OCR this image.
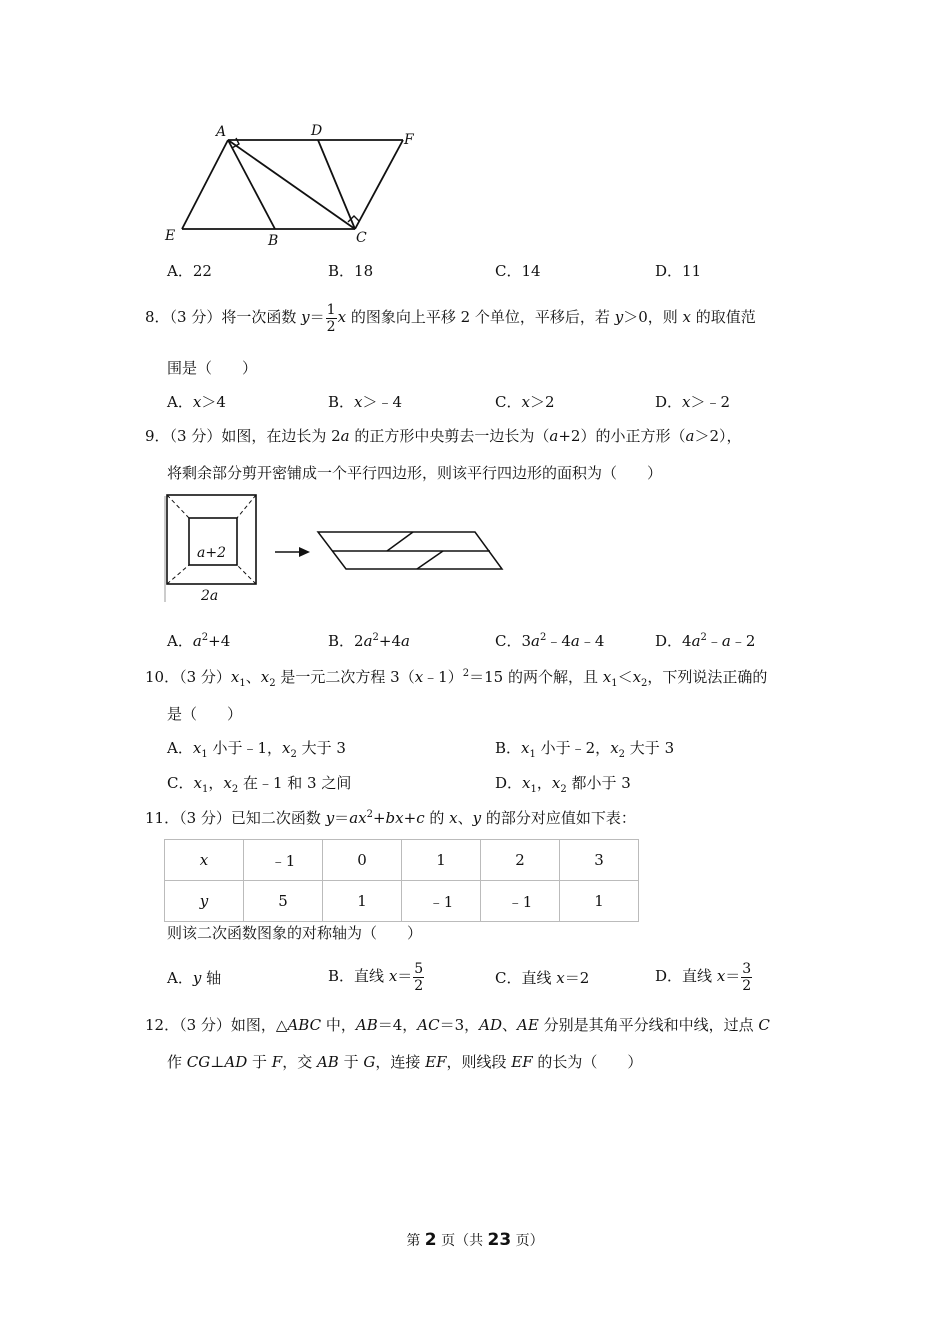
A	D
F
E	B	C
A．22	B．18	C．14	D．11
8．（3 分）将一次函数 $y= \frac{1}{2}$ x 的图象向上平移 2 个单位，平移后，若 y＞0，则 x 的取值范
围是（　　）
A．x＞4	B．x＞﹣4	C．x＞2	D．x＞﹣2
9．（3 分）如图，在边长为 2a 的正方形中央剪去一边长为（a+2）的小正方形（a＞2），
将剩余部分剪开密铺成一个平行四边形，则该平行四边形的面积为（　　）
a+2
2a
A．$a^2+4$	B．$2a^2+4a$	C．$3a^2﹣4a﹣4$	D．$4a^2﹣a﹣2$
10．（3 分）$x_1$、$x_2$ 是一元二次方程 3（x﹣1）$^2$＝15 的两个解，且 $x_1<x_2$，下列说法正确的
是（　　）
A．$x_1$ 小于﹣1，$x_2$ 大于 3	B．$x_1$ 小于﹣2，$x_2$ 大于 3
C．$x_1$，$x_2$ 在﹣1 和 3 之间	D．$x_1$，$x_2$ 都小于 3
11．（3 分）已知二次函数 $y=ax^2+bx+c$ 的 x、y 的部分对应值如下表：
x	﹣1	0	1	2	3
y	5	1	﹣1	﹣1	1
则该二次函数图象的对称轴为（　　）
A．y 轴	B．直线 $x= \frac{5}{2}$	C．直线 x＝2	D．直线 $x= \frac{3}{2}$
12．（3 分）如图，△ABC 中，AB＝4，AC＝3，AD、AE 分别是其角平分线和中线，过点 C
作 CG⊥AD 于 F，交 AB 于 G，连接 EF，则线段 EF 的长为（　　）
第 2 页（共 23 页）
